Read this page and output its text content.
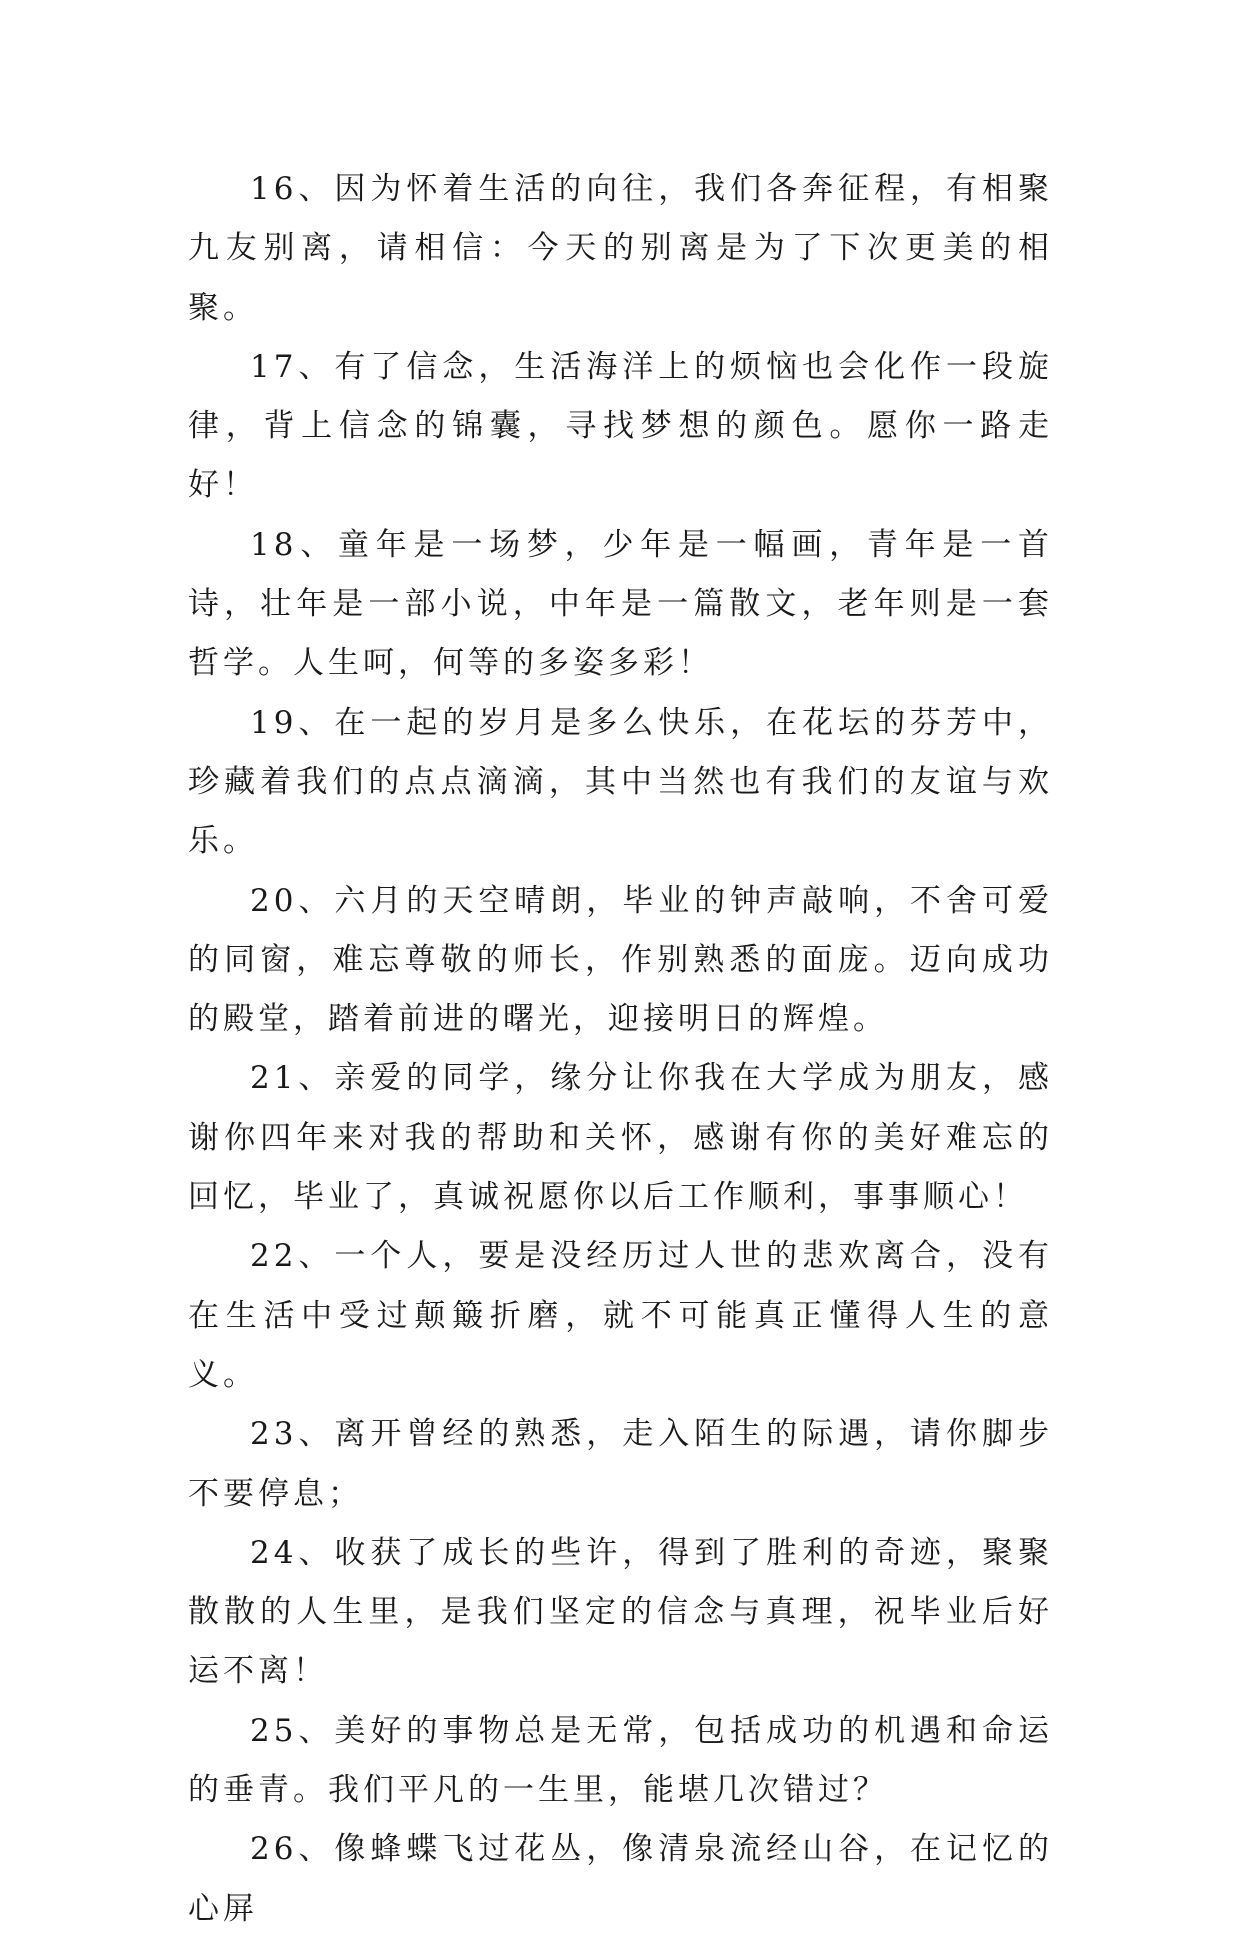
16、因为怀着生活的向往，我们各奔征程，有相聚九友别离，请相信：今天的别离是为了下次更美的相聚。

17、有了信念，生活海洋上的烦恼也会化作一段旋律，背上信念的锦囊，寻找梦想的颜色。愿你一路走好！

18、童年是一场梦，少年是一幅画，青年是一首诗，壮年是一部小说，中年是一篇散文，老年则是一套哲学。人生呵，何等的多姿多彩！

19、在一起的岁月是多么快乐，在花坛的芬芳中，珍藏着我们的点点滴滴，其中当然也有我们的友谊与欢乐。

20、六月的天空晴朗，毕业的钟声敲响，不舍可爱的同窗，难忘尊敬的师长，作别熟悉的面庞。迈向成功的殿堂，踏着前进的曙光，迎接明日的辉煌。

21、亲爱的同学，缘分让你我在大学成为朋友，感谢你四年来对我的帮助和关怀，感谢有你的美好难忘的回忆，毕业了，真诚祝愿你以后工作顺利，事事顺心！

22、一个人，要是没经历过人世的悲欢离合，没有在生活中受过颠簸折磨，就不可能真正懂得人生的意义。

23、离开曾经的熟悉，走入陌生的际遇，请你脚步不要停息；

24、收获了成长的些许，得到了胜利的奇迹，聚聚散散的人生里，是我们坚定的信念与真理，祝毕业后好运不离！

25、美好的事物总是无常，包括成功的机遇和命运的垂青。我们平凡的一生里，能堪几次错过？

26、像蜂蝶飞过花丛，像清泉流经山谷，在记忆的心屏
